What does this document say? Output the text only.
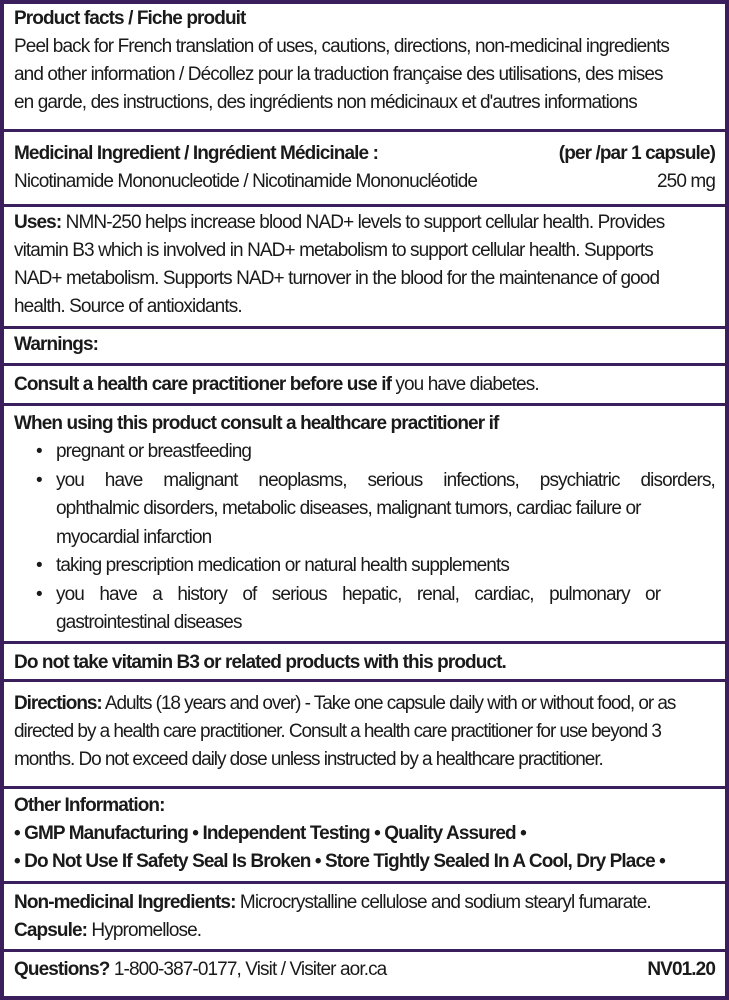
Product facts / Fiche produit

Peel back for French translation of uses, cautions, directions, non-medicinal ingredients

and other information / Décollez pour la traduction française des utilisations, des mises

en garde, des instructions, des ingrédients non médicinaux et d'autres informations

Medicinal Ingredient / Ingrédient Médicinale :	(per /par 1 capsule)
Nicotinamide Mononucleotide / Nicotinamide Mononucléotide	250 mg

Uses: NMN-250 helps increase blood NAD+ levels to support cellular health. Provides

vitamin B3 which is involved in NAD+ metabolism to support cellular health. Supports

NAD+ metabolism. Supports NAD+ turnover in the blood for the maintenance of good

health. Source of antioxidants.

Warnings:

Consult a health care practitioner before use if you have diabetes.

When using this product consult a healthcare practitioner if

• pregnant or breastfeeding
• you have malignant neoplasms, serious infections, psychiatric disorders,
ophthalmic disorders, metabolic diseases, malignant tumors, cardiac failure or
myocardial infarction
• taking prescription medication or natural health supplements
• you have a history of serious hepatic, renal, cardiac, pulmonary or
gastrointestinal diseases

Do not take vitamin B3 or related products with this product.

Directions: Adults (18 years and over) - Take one capsule daily with or without food, or as

directed by a health care practitioner. Consult a health care practitioner for use beyond 3

months. Do not exceed daily dose unless instructed by a healthcare practitioner.

Other Information:

• GMP Manufacturing • Independent Testing • Quality Assured •

• Do Not Use If Safety Seal Is Broken • Store Tightly Sealed In A Cool, Dry Place •

Non-medicinal Ingredients: Microcrystalline cellulose and sodium stearyl fumarate.

Capsule: Hypromellose.

Questions? 1-800-387-0177, Visit / Visiter aor.ca	NV01.20
